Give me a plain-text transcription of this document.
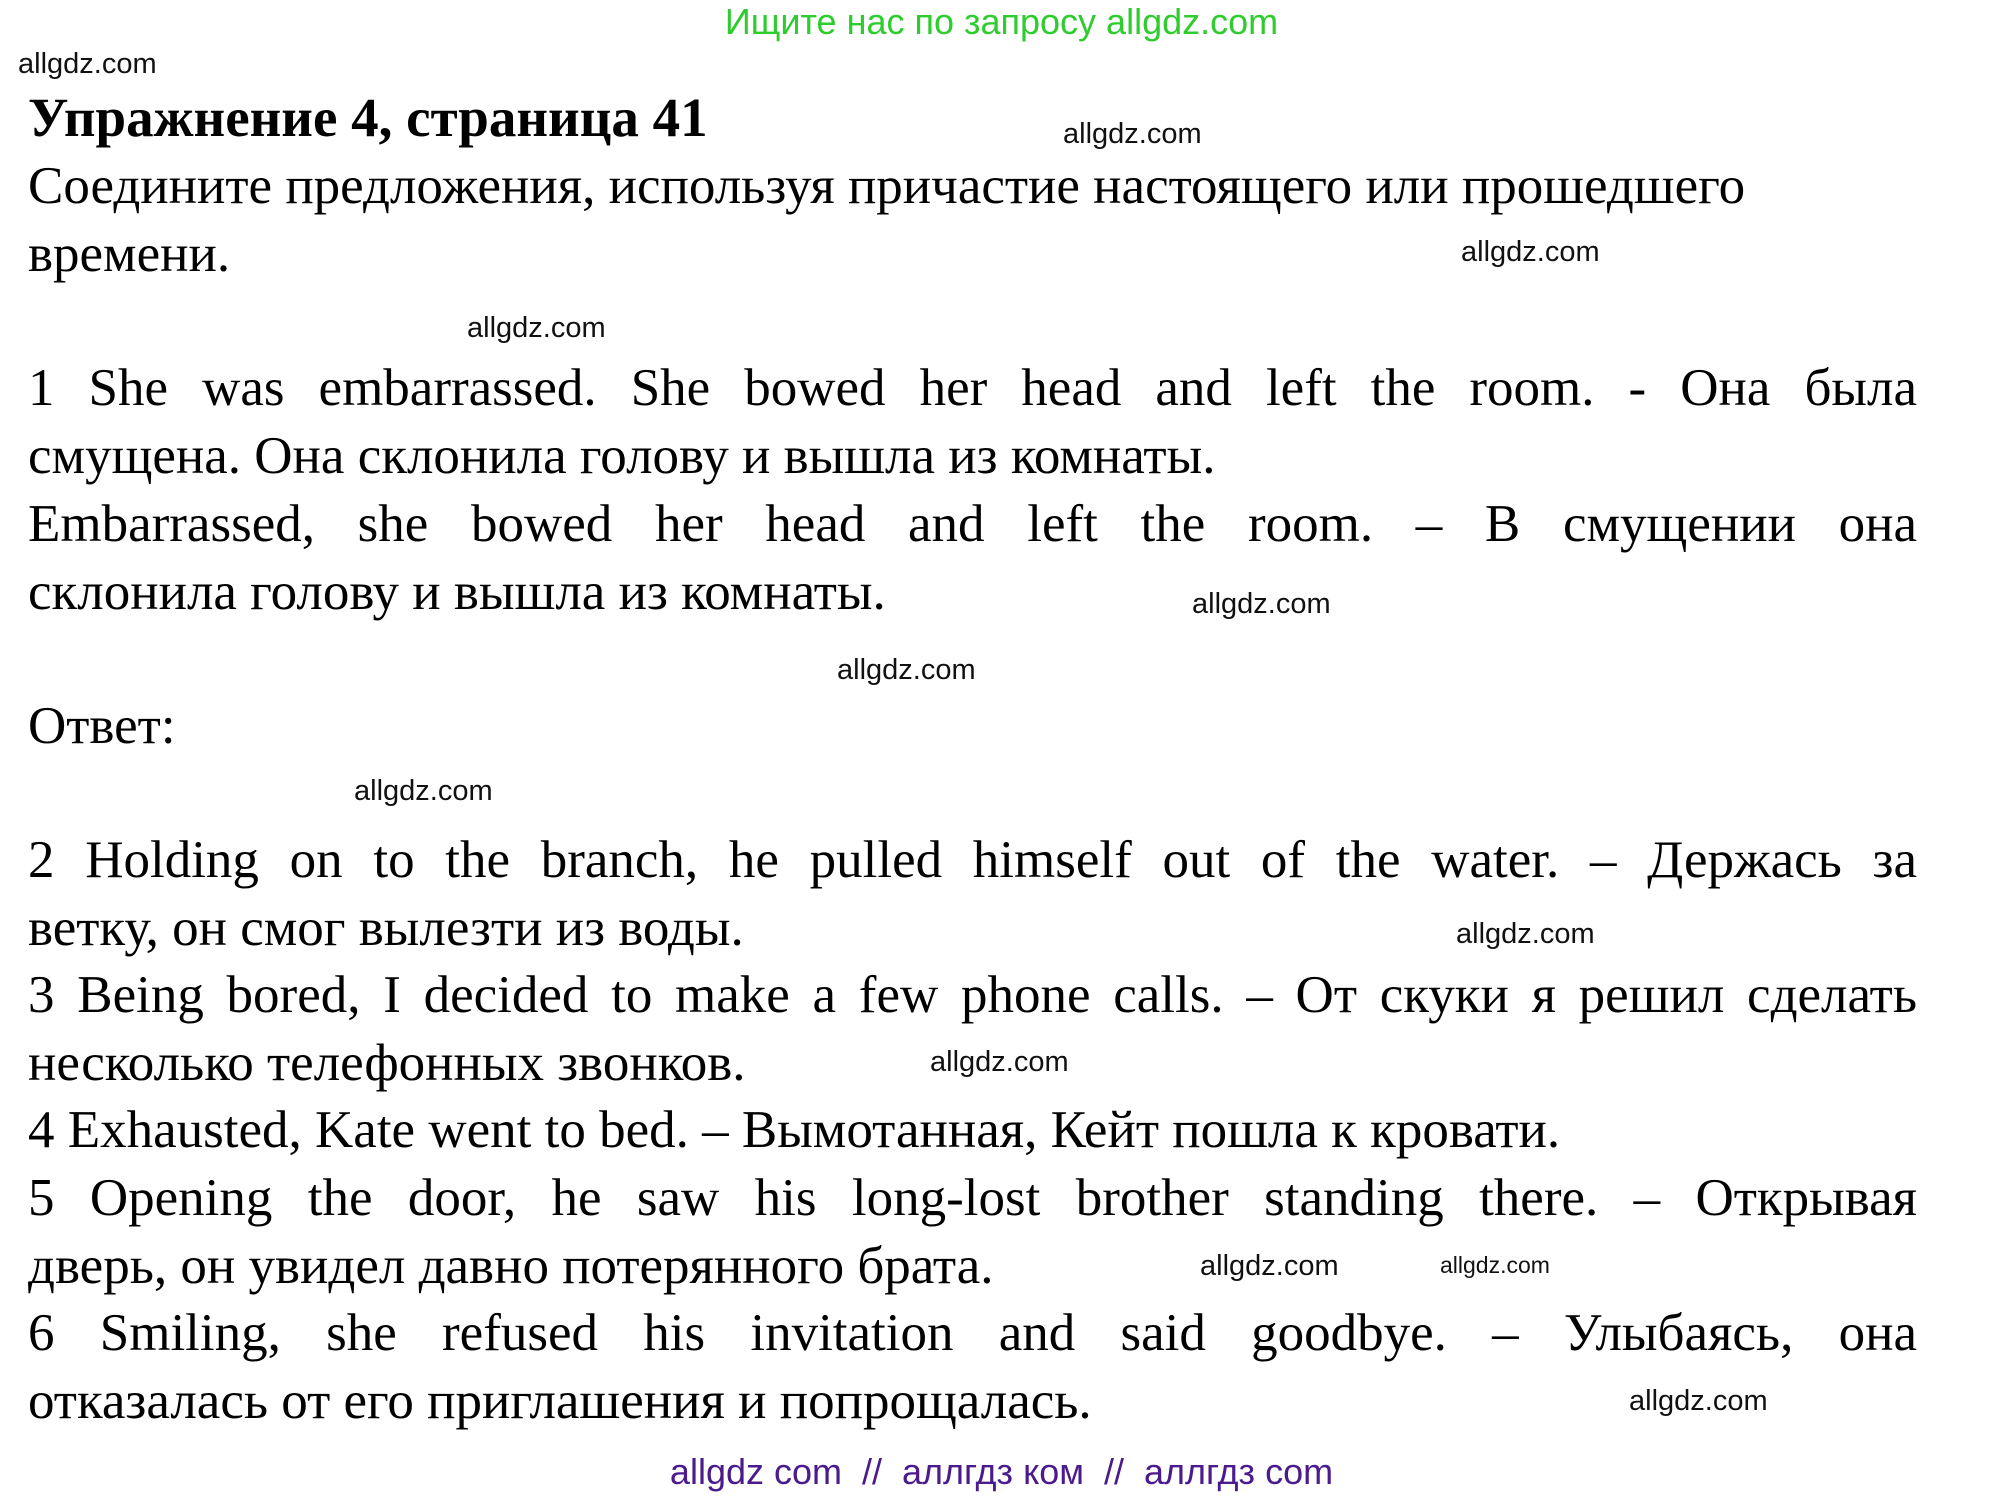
Ищите нас по запросу allgdz.com
Упражнение 4, страница 41
Соедините предложения, используя причастие настоящего или прошедшего
времени.
1 She was embarrassed. She bowed her head and left the room. - Она была
смущена. Она склонила голову и вышла из комнаты.
Embarrassed, she bowed her head and left the room. – В смущении она
склонила голову и вышла из комнаты.
Ответ:
2 Holding on to the branch, he pulled himself out of the water. – Держась за
ветку, он смог вылезти из воды.
3 Being bored, I decided to make a few phone calls. – От скуки я решил сделать
несколько телефонных звонков.
4 Exhausted, Kate went to bed. – Вымотанная, Кейт пошла к кровати.
5 Opening the door, he saw his long-lost brother standing there. – Открывая
дверь, он увидел давно потерянного брата.
6 Smiling, she refused his invitation and said goodbye. – Улыбаясь, она
отказалась от его приглашения и попрощалась.
allgdz.com
allgdz.com
allgdz.com
allgdz.com
allgdz.com
allgdz.com
allgdz.com
allgdz.com
allgdz.com
allgdz.com	allgdz.com
allgdz.com
allgdz com  //  аллгдз ком  //  аллгдз com
